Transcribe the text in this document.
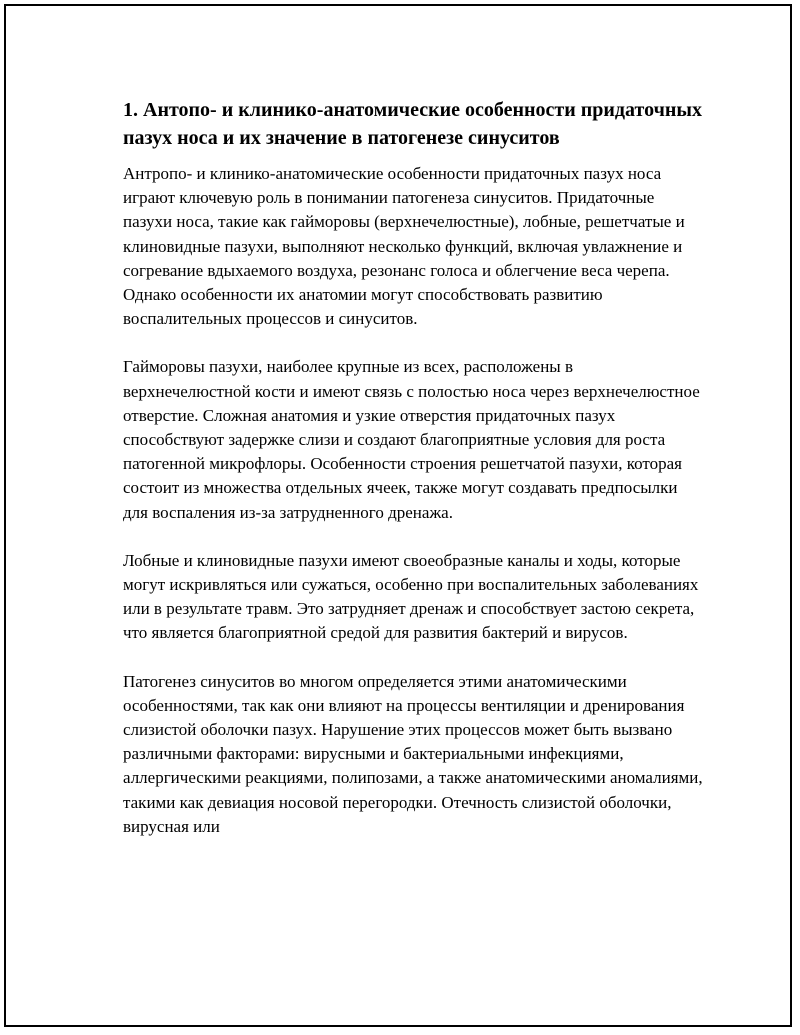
1. Антопо- и клинико-анатомические особенности придаточных пазух носа и их значение в патогенезе синуситов

Антропо- и клинико-анатомические особенности придаточных пазух носа играют ключевую роль в понимании патогенеза синуситов. Придаточные пазухи носа, такие как гайморовы (верхнечелюстные), лобные, решетчатые и клиновидные пазухи, выполняют несколько функций, включая увлажнение и согревание вдыхаемого воздуха, резонанс голоса и облегчение веса черепа. Однако особенности их анатомии могут способствовать развитию воспалительных процессов и синуситов.

Гайморовы пазухи, наиболее крупные из всех, расположены в верхнечелюстной кости и имеют связь с полостью носа через верхнечелюстное отверстие. Сложная анатомия и узкие отверстия придаточных пазух способствуют задержке слизи и создают благоприятные условия для роста патогенной микрофлоры. Особенности строения решетчатой пазухи, которая состоит из множества отдельных ячеек, также могут создавать предпосылки для воспаления из-за затрудненного дренажа.

Лобные и клиновидные пазухи имеют своеобразные каналы и ходы, которые могут искривляться или сужаться, особенно при воспалительных заболеваниях или в результате травм. Это затрудняет дренаж и способствует застою секрета, что является благоприятной средой для развития бактерий и вирусов.

Патогенез синуситов во многом определяется этими анатомическими особенностями, так как они влияют на процессы вентиляции и дренирования слизистой оболочки пазух. Нарушение этих процессов может быть вызвано различными факторами: вирусными и бактериальными инфекциями, аллергическими реакциями, полипозами, а также анатомическими аномалиями, такими как девиация носовой перегородки. Отечность слизистой оболочки, вирусная или
